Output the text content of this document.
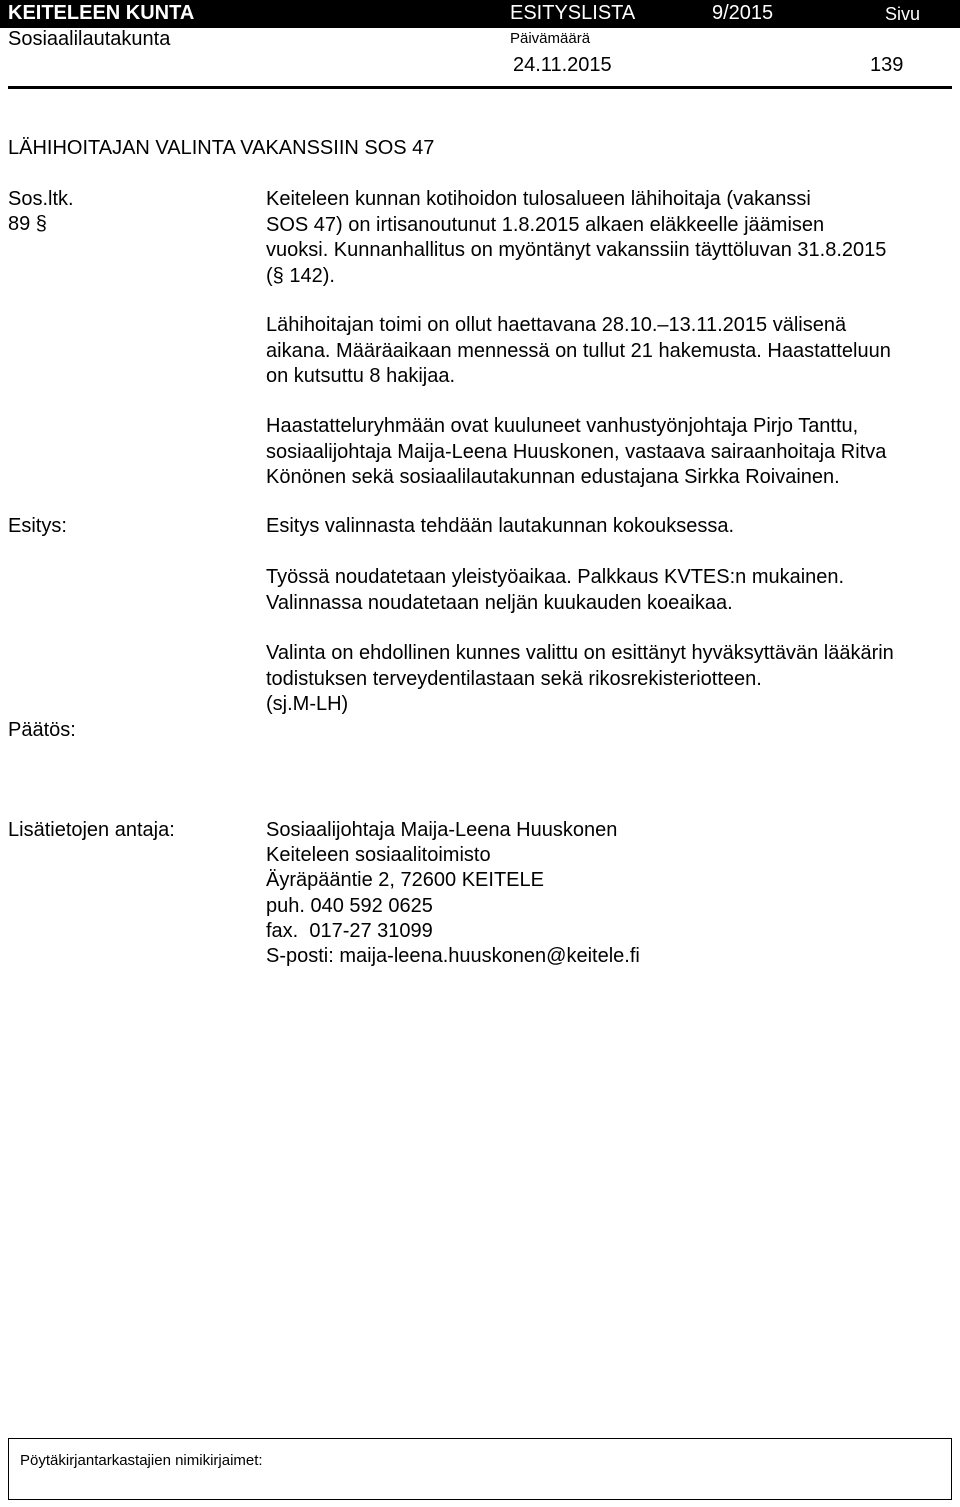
KEITELEEN KUNTA	ESITYSLISTA	9/2015	Sivu
Sosiaalilautakunta	Päivämäärä
24.11.2015	139
LÄHIHOITAJAN VALINTA VAKANSSIIN SOS 47
Sos.ltk.
89 §
Keiteleen kunnan kotihoidon tulosalueen lähihoitaja (vakanssi
SOS 47) on irtisanoutunut 1.8.2015 alkaen eläkkeelle jäämisen
vuoksi. Kunnanhallitus on myöntänyt vakanssiin täyttöluvan 31.8.2015
(§ 142).
Lähihoitajan toimi on ollut haettavana 28.10.–13.11.2015 välisenä
aikana. Määräaikaan mennessä on tullut 21 hakemusta. Haastatteluun
on kutsuttu 8 hakijaa.
Haastatteluryhmään ovat kuuluneet vanhustyönjohtaja Pirjo Tanttu,
sosiaalijohtaja Maija-Leena Huuskonen, vastaava sairaanhoitaja Ritva
Könönen sekä sosiaalilautakunnan edustajana Sirkka Roivainen.
Esitys:	Esitys valinnasta tehdään lautakunnan kokouksessa.
Työssä noudatetaan yleistyöaikaa. Palkkaus KVTES:n mukainen.
Valinnassa noudatetaan neljän kuukauden koeaikaa.
Valinta on ehdollinen kunnes valittu on esittänyt hyväksyttävän lääkärin
todistuksen terveydentilastaan sekä rikosrekisteriotteen.
(sj.M-LH)
Päätös:
Lisätietojen antaja:	Sosiaalijohtaja Maija-Leena Huuskonen
Keiteleen sosiaalitoimisto
Äyräpääntie 2, 72600 KEITELE
puh. 040 592 0625
fax.  017-27 31099
S-posti: maija-leena.huuskonen@keitele.fi
Pöytäkirjantarkastajien nimikirjaimet:
